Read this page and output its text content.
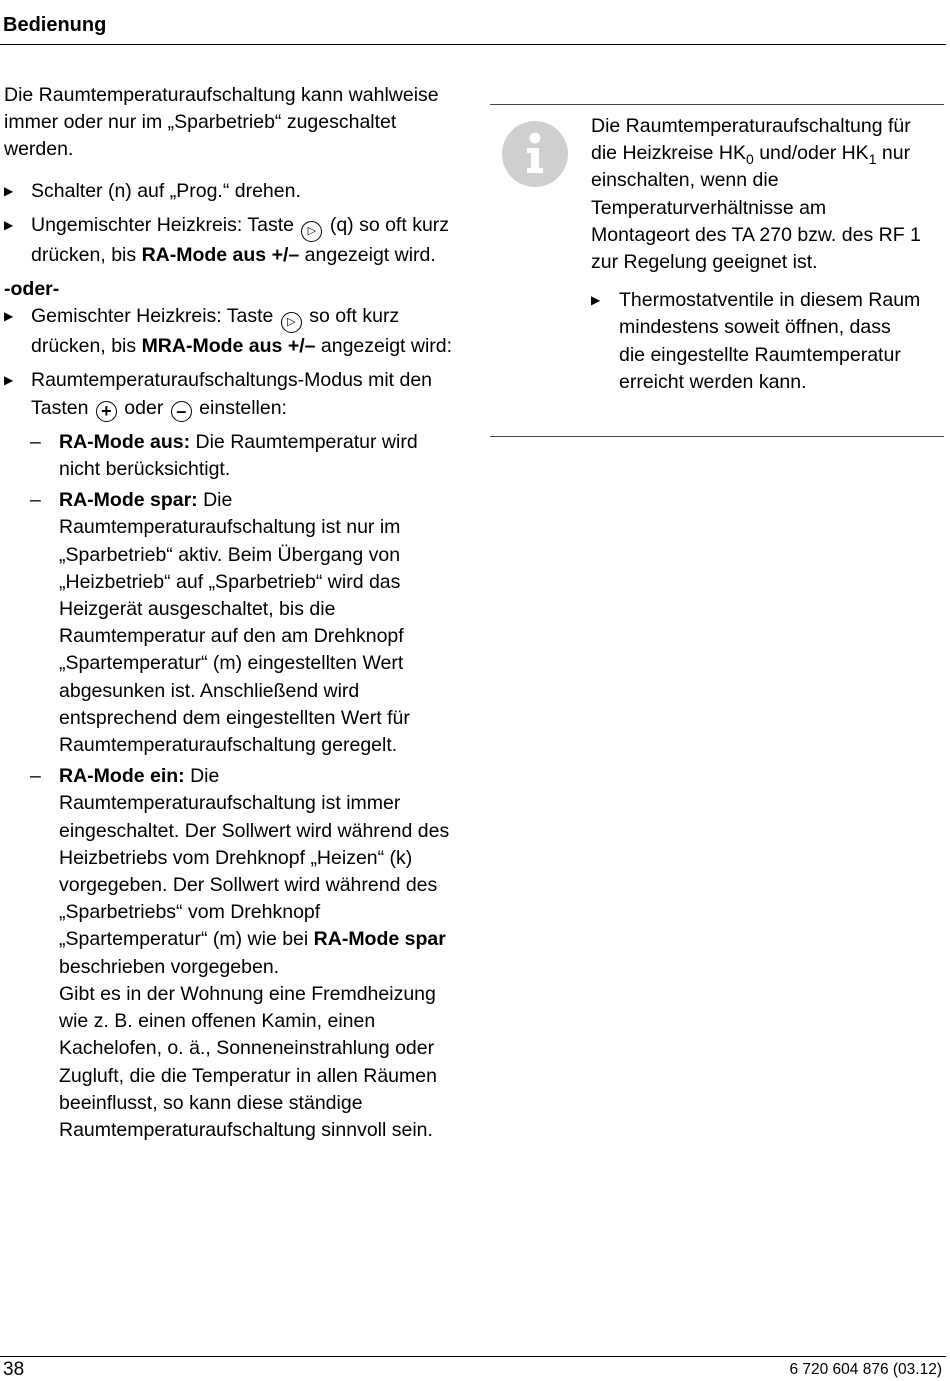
Bedienung

Die Raumtemperaturaufschaltung kann wahlweise immer oder nur im „Sparbetrieb“ zugeschaltet werden.

▶ Schalter (n) auf „Prog.“ drehen.
▶ Ungemischter Heizkreis: Taste ▷ (q) so oft kurz drücken, bis RA-Mode aus +/– angezeigt wird.

-oder-

▶ Gemischter Heizkreis: Taste ▷ so oft kurz drücken, bis MRA-Mode aus +/– angezeigt wird:
▶ Raumtemperaturaufschaltungs-Modus mit den Tasten + oder – einstellen:
– RA-Mode aus: Die Raumtemperatur wird nicht berücksichtigt.
– RA-Mode spar: Die Raumtemperaturaufschaltung ist nur im „Sparbetrieb“ aktiv. Beim Übergang von „Heizbetrieb“ auf „Sparbetrieb“ wird das Heizgerät ausgeschaltet, bis die Raumtemperatur auf den am Drehknopf „Spartemperatur“ (m) eingestellten Wert abgesunken ist. Anschließend wird entsprechend dem eingestellten Wert für Raumtemperaturaufschaltung geregelt.
– RA-Mode ein: Die Raumtemperaturaufschaltung ist immer eingeschaltet. Der Sollwert wird während des Heizbetriebs vom Drehknopf „Heizen“ (k) vorgegeben. Der Sollwert wird während des „Sparbetriebs“ vom Drehknopf „Spartemperatur“ (m) wie bei RA-Mode spar beschrieben vorgegeben.
Gibt es in der Wohnung eine Fremdheizung wie z. B. einen offenen Kamin, einen Kachelofen, o. ä., Sonneneinstrahlung oder Zugluft, die die Temperatur in allen Räumen beeinflusst, so kann diese ständige Raumtemperaturaufschaltung sinnvoll sein.

Die Raumtemperaturaufschaltung für die Heizkreise $HK_0$ und/oder $HK_1$ nur einschalten, wenn die Temperaturverhältnisse am Montageort des TA 270 bzw. des RF 1 zur Regelung geeignet ist.

▶ Thermostatventile in diesem Raum mindestens soweit öffnen, dass die eingestellte Raumtemperatur erreicht werden kann.
38	6 720 604 876 (03.12)
